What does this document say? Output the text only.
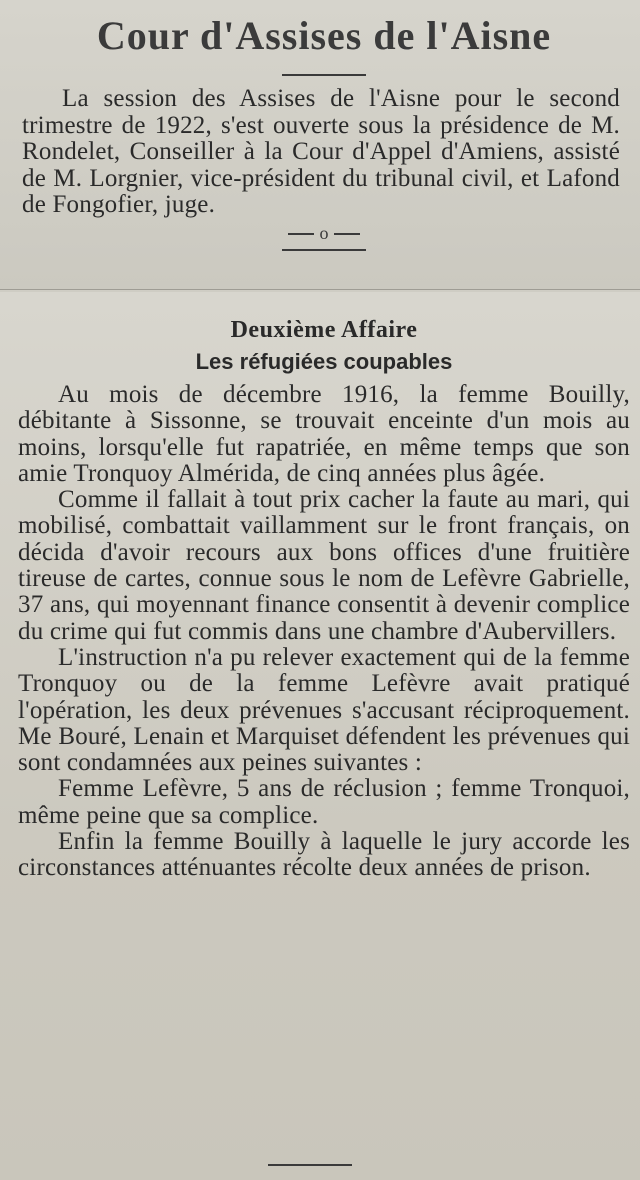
Cour d'Assises de l'Aisne

La session des Assises de l'Aisne pour le second trimestre de 1922, s'est ouverte sous la présidence de M. Rondelet, Conseiller à la Cour d'Appel d'Amiens, assisté de M. Lorgnier, vice-président du tribunal civil, et Lafond de Fongofier, juge.

o
Deuxième Affaire
Les réfugiées coupables

Au mois de décembre 1916, la femme Bouilly, débitante à Sissonne, se trouvait enceinte d'un mois au moins, lorsqu'elle fut rapatriée, en même temps que son amie Tronquoy Almérida, de cinq années plus âgée.

Comme il fallait à tout prix cacher la faute au mari, qui mobilisé, combattait vaillamment sur le front français, on décida d'avoir recours aux bons offices d'une fruitière tireuse de cartes, connue sous le nom de Lefèvre Gabrielle, 37 ans, qui moyennant finance consentit à devenir complice du crime qui fut commis dans une chambre d'Aubervillers.

L'instruction n'a pu relever exactement qui de la femme Tronquoy ou de la femme Lefèvre avait pratiqué l'opération, les deux prévenues s'accusant réciproquement. Me Bouré, Lenain et Marquiset défendent les prévenues qui sont condamnées aux peines suivantes :

Femme Lefèvre, 5 ans de réclusion ; femme Tronquoi, même peine que sa complice.

Enfin la femme Bouilly à laquelle le jury accorde les circonstances atténuantes récolte deux années de prison.
